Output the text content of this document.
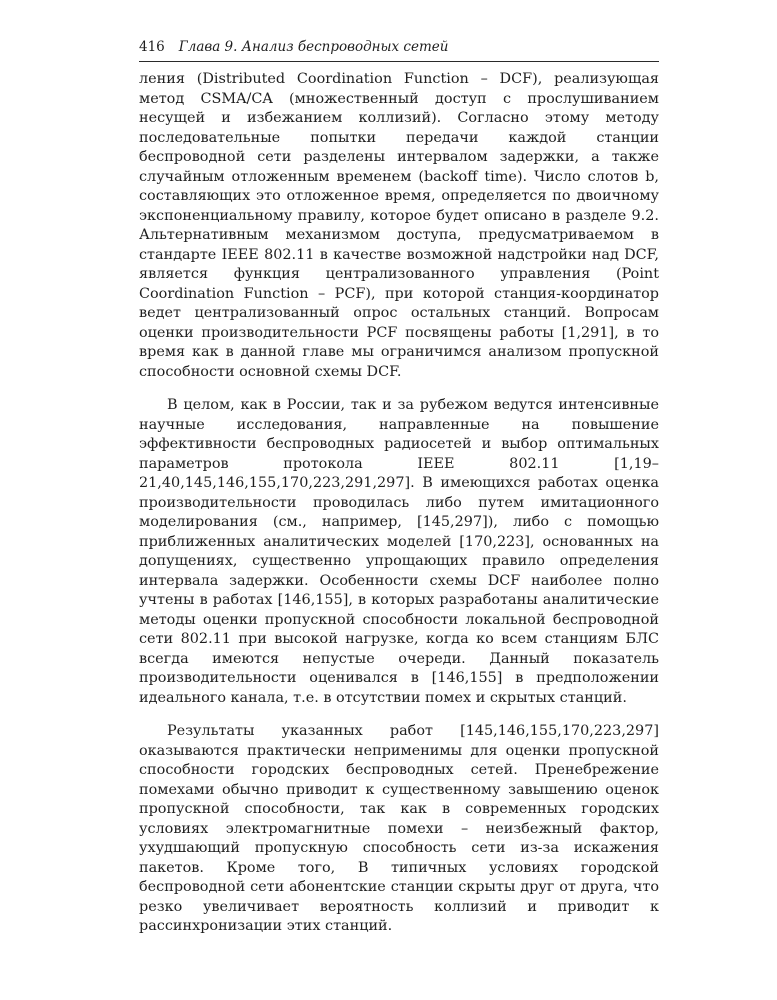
416 Глава 9. Анализ беспроводных сетей

ления (Distributed Coordination Function – DCF), реализующая метод CSMA/CA (множественный доступ с прослушиванием несущей и избежанием коллизий). Согласно этому методу последовательные попытки передачи каждой станции беспроводной сети разделены интервалом задержки, а также случайным отложенным временем (backoff time). Число слотов b, составляющих это отложенное время, определяется по двоичному экспоненциальному правилу, которое будет описано в разделе 9.2. Альтернативным механизмом доступа, предусматриваемом в стандарте IEEE 802.11 в качестве возможной надстройки над DCF, является функция централизованного управления (Point Coordination Function – PCF), при которой станция-координатор ведет централизованный опрос остальных станций. Вопросам оценки производительности PCF посвящены работы [1,291], в то время как в данной главе мы ограничимся анализом пропускной способности основной схемы DCF.

В целом, как в России, так и за рубежом ведутся интенсивные научные исследования, направленные на повышение эффективности беспроводных радиосетей и выбор оптимальных параметров протокола IEEE 802.11 [1,19–21,40,145,146,155,170,223,291,297]. В имеющихся работах оценка производительности проводилась либо путем имитационного моделирования (см., например, [145,297]), либо с помощью приближенных аналитических моделей [170,223], основанных на допущениях, существенно упрощающих правило определения интервала задержки. Особенности схемы DCF наиболее полно учтены в работах [146,155], в которых разработаны аналитические методы оценки пропускной способности локальной беспроводной сети 802.11 при высокой нагрузке, когда ко всем станциям БЛС всегда имеются непустые очереди. Данный показатель производительности оценивался в [146,155] в предположении идеального канала, т.е. в отсутствии помех и скрытых станций.

Результаты указанных работ [145,146,155,170,223,297] оказываются практически неприменимы для оценки пропускной способности городских беспроводных сетей. Пренебрежение помехами обычно приводит к существенному завышению оценок пропускной способности, так как в современных городских условиях электромагнитные помехи – неизбежный фактор, ухудшающий пропускную способность сети из-за искажения пакетов. Кроме того, В типичных условиях городской беспроводной сети абонентские станции скрыты друг от друга, что резко увеличивает вероятность коллизий и приводит к рассинхронизации этих станций.
